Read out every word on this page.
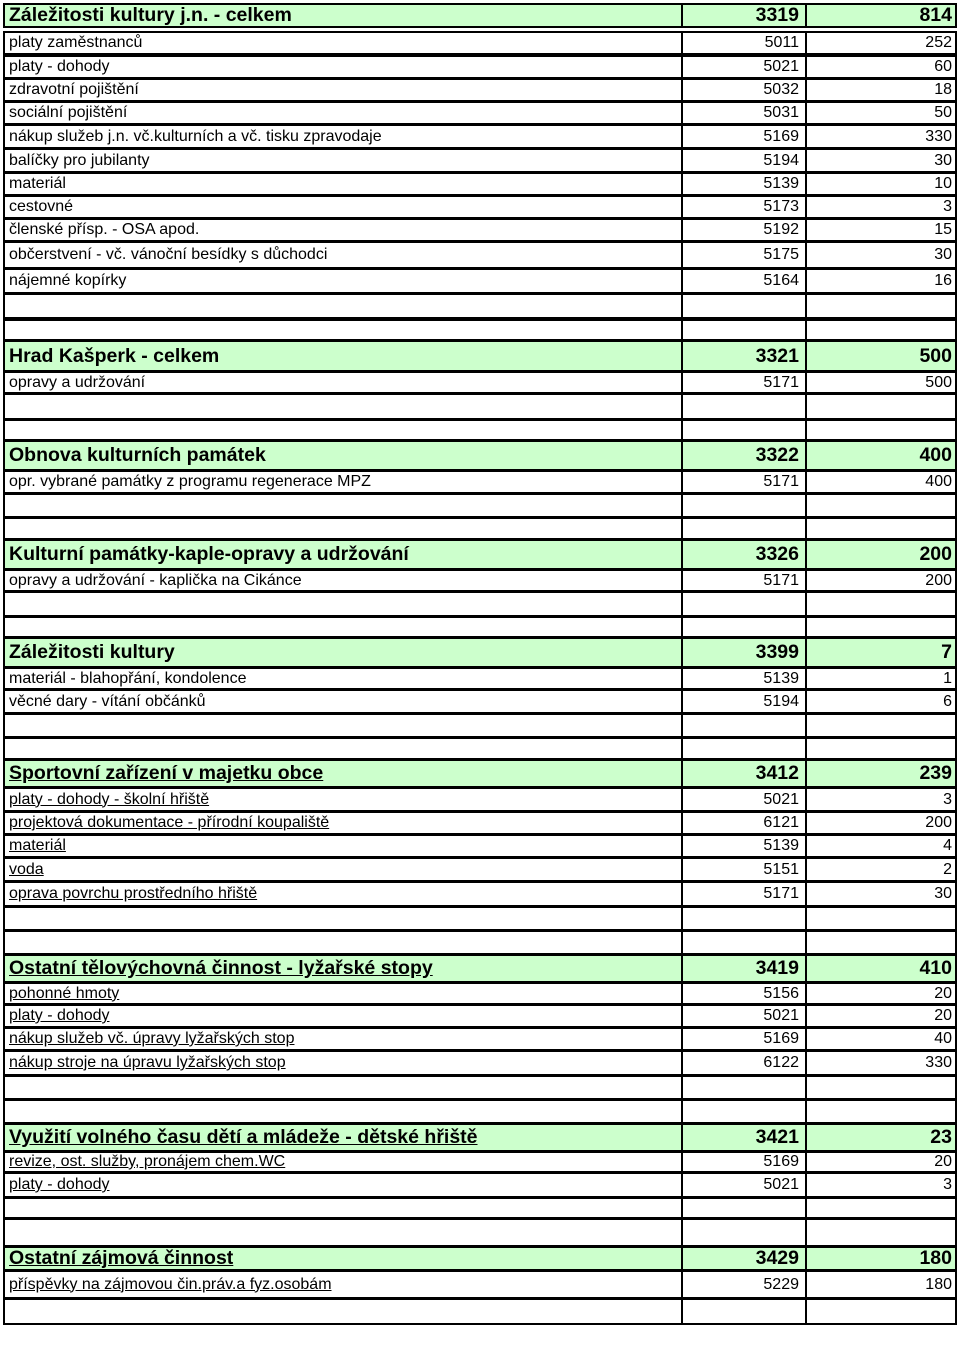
Záležitosti kultury j.n. - celkem	3319	814
platy zaměstnanců	5011	252
platy - dohody	5021	60
zdravotní pojištění	5032	18
sociální pojištění	5031	50
nákup služeb j.n. vč.kulturních a vč. tisku zpravodaje	5169	330
balíčky pro jubilanty	5194	30
materiál	5139	10
cestovné	5173	3
členské přísp. - OSA apod.	5192	15
občerstvení - vč. vánoční besídky s důchodci	5175	30
nájemné kopírky	5164	16
Hrad Kašperk - celkem	3321	500
opravy a udržování	5171	500
Obnova kulturních památek	3322	400
opr. vybrané památky z programu regenerace MPZ	5171	400
Kulturní památky-kaple-opravy a udržování	3326	200
opravy a udržování - kaplička na Cikánce	5171	200
Záležitosti kultury	3399	7
materiál - blahopřání, kondolence	5139	1
věcné dary - vítání občánků	5194	6
Sportovní zařízení v majetku obce	3412	239
platy - dohody - školní hřiště	5021	3
projektová dokumentace - přírodní koupaliště	6121	200
materiál	5139	4
voda	5151	2
oprava povrchu prostředního hřiště	5171	30
Ostatní tělovýchovná činnost - lyžařské stopy	3419	410
pohonné hmoty	5156	20
platy - dohody	5021	20
nákup služeb vč. úpravy lyžařských stop	5169	40
nákup stroje na úpravu lyžařských stop	6122	330
Využití volného času dětí a mládeže - dětské hřiště	3421	23
revize, ost. služby, pronájem chem.WC	5169	20
platy - dohody	5021	3
Ostatní zájmová činnost	3429	180
příspěvky na zájmovou čin.práv.a fyz.osobám	5229	180
